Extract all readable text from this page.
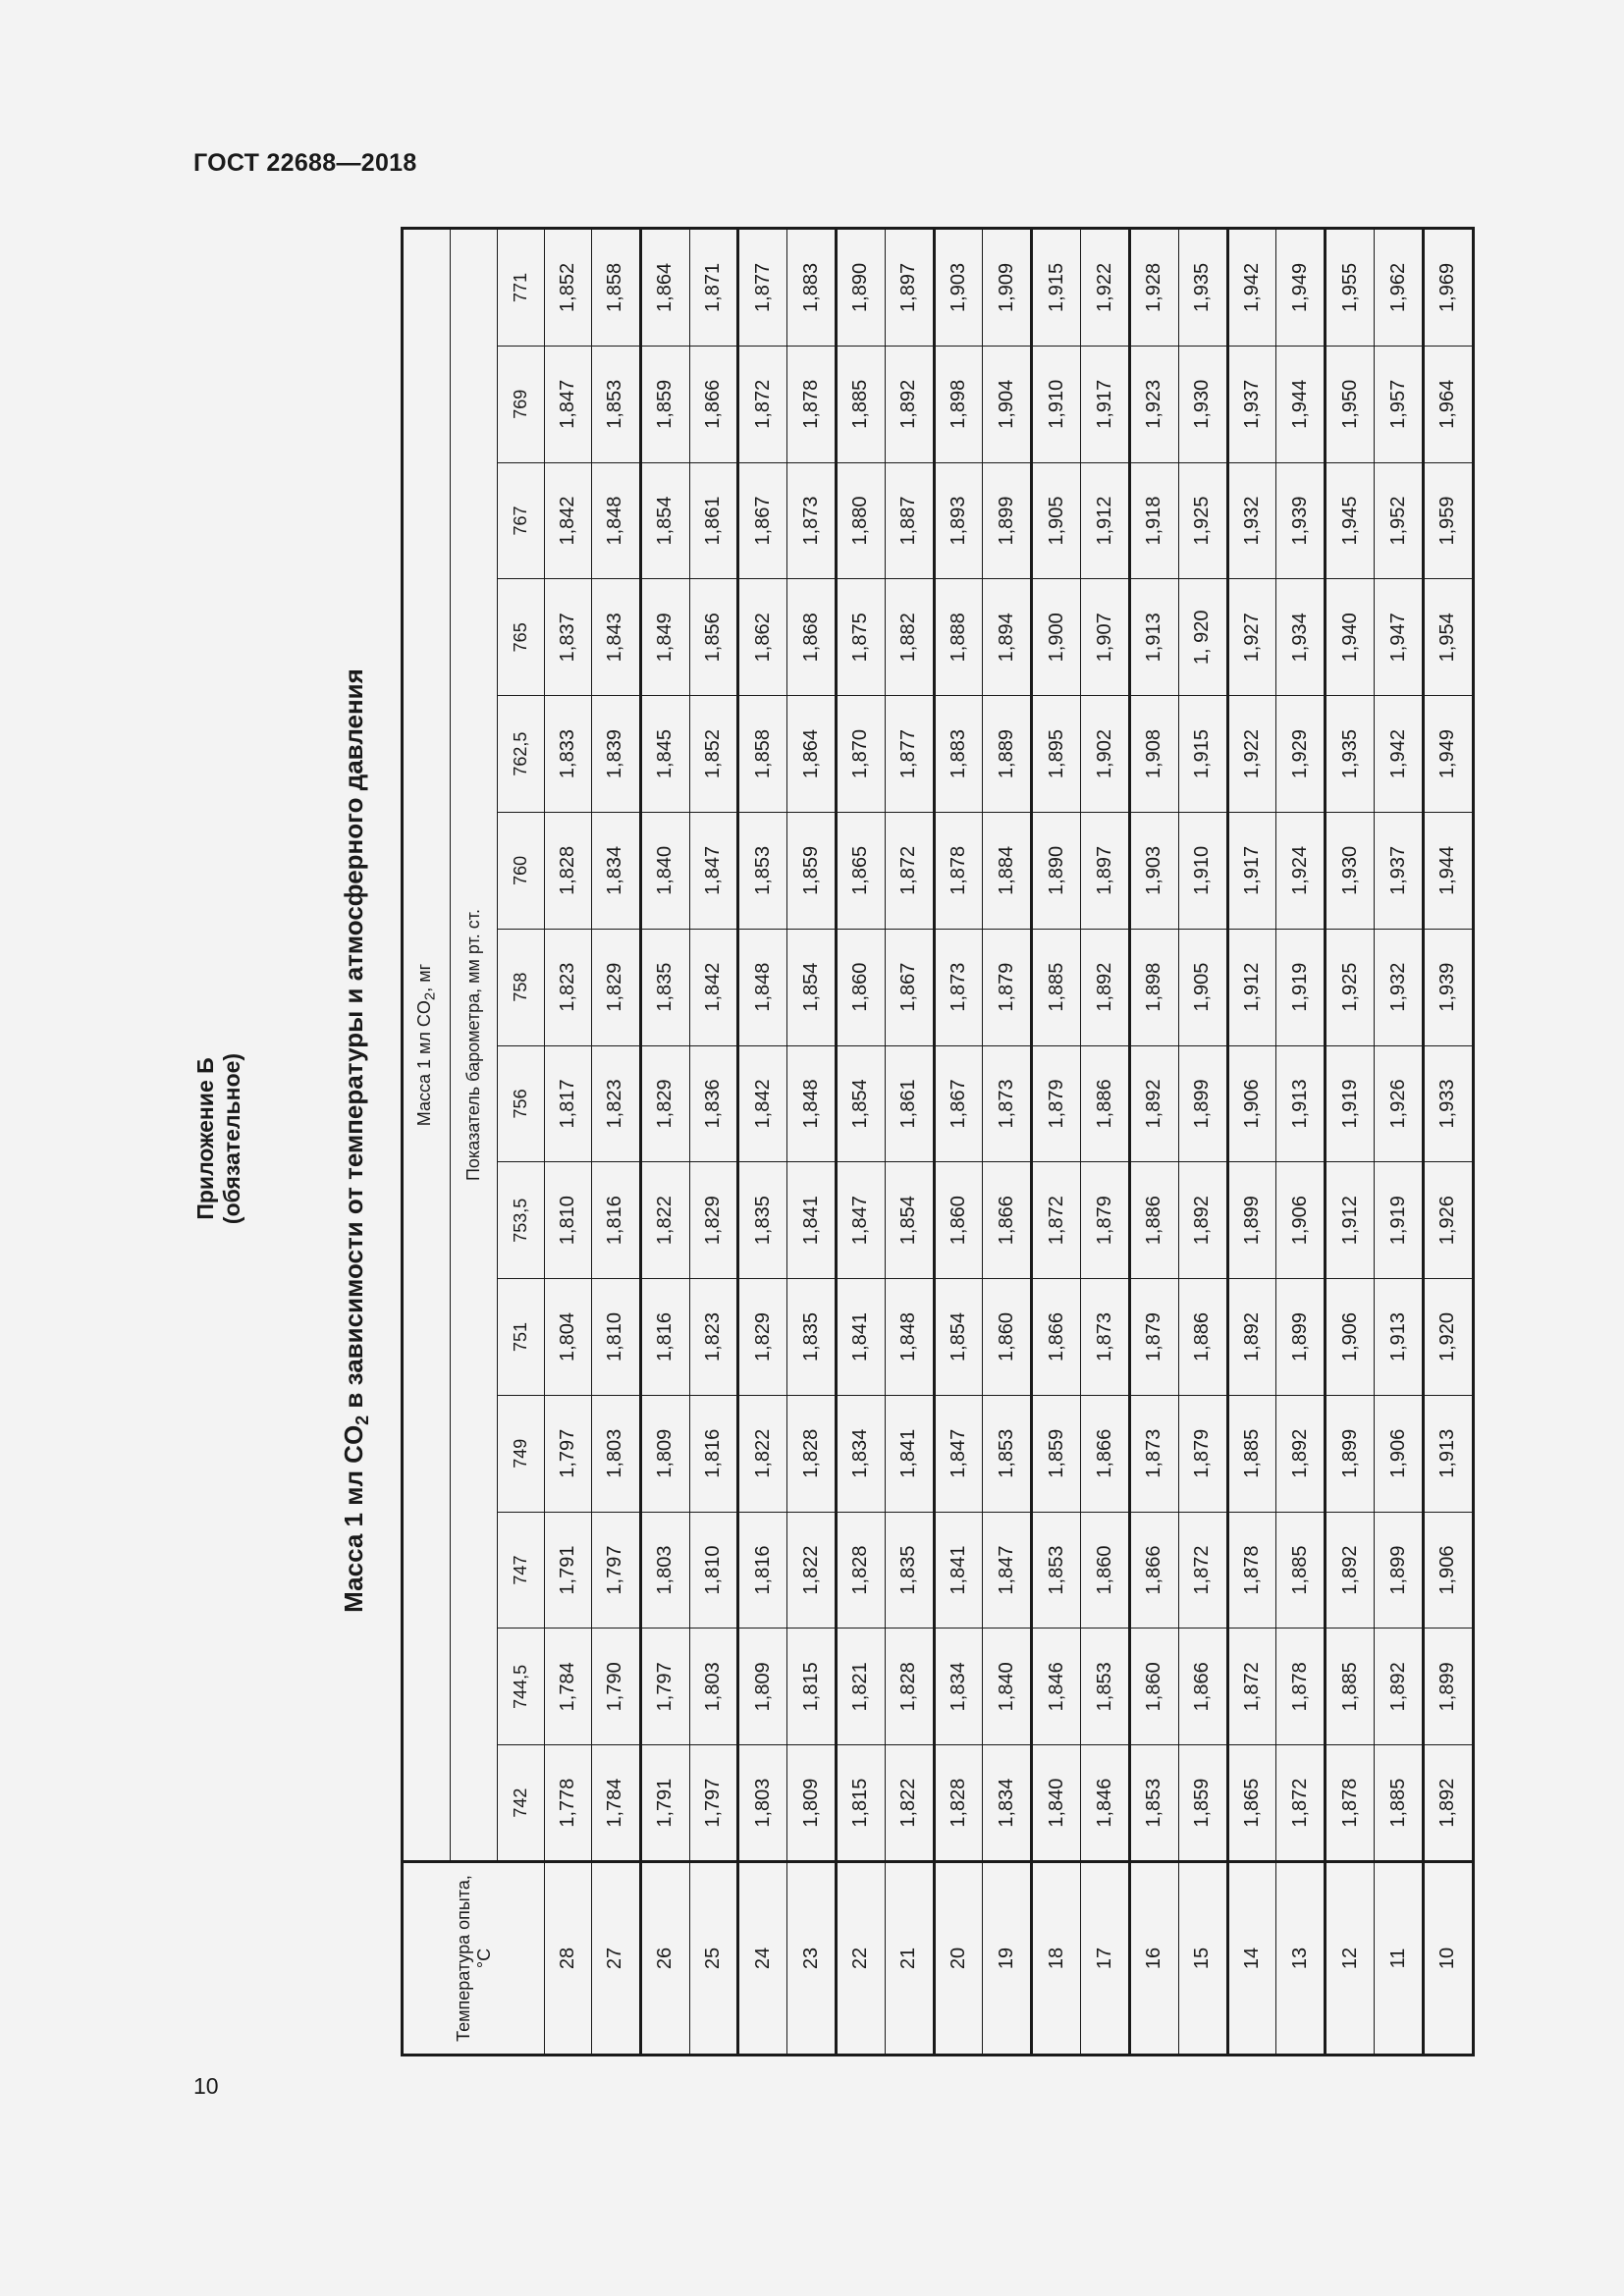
ГОСТ 22688—2018
Приложение Б (обязательное)
Масса 1 мл $CO_2$ в зависимости от температуры и атмосферного давления
Температура опыта, °С	Масса 1 мл $CO_2$, мг													
	Показатель барометра, мм рт. ст.													
	742	744,5	747	749	751	753,5	756	758	760	762,5	765	767	769	771
28	1,778	1,784	1,791	1,797	1,804	1,810	1,817	1,823	1,828	1,833	1,837	1,842	1,847	1,852
27	1,784	1,790	1,797	1,803	1,810	1,816	1,823	1,829	1,834	1,839	1,843	1,848	1,853	1,858
26	1,791	1,797	1,803	1,809	1,816	1,822	1,829	1,835	1,840	1,845	1,849	1,854	1,859	1,864
25	1,797	1,803	1,810	1,816	1,823	1,829	1,836	1,842	1,847	1,852	1,856	1,861	1,866	1,871
24	1,803	1,809	1,816	1,822	1,829	1,835	1,842	1,848	1,853	1,858	1,862	1,867	1,872	1,877
23	1,809	1,815	1,822	1,828	1,835	1,841	1,848	1,854	1,859	1,864	1,868	1,873	1,878	1,883
22	1,815	1,821	1,828	1,834	1,841	1,847	1,854	1,860	1,865	1,870	1,875	1,880	1,885	1,890
21	1,822	1,828	1,835	1,841	1,848	1,854	1,861	1,867	1,872	1,877	1,882	1,887	1,892	1,897
20	1,828	1,834	1,841	1,847	1,854	1,860	1,867	1,873	1,878	1,883	1,888	1,893	1,898	1,903
19	1,834	1,840	1,847	1,853	1,860	1,866	1,873	1,879	1,884	1,889	1,894	1,899	1,904	1,909
18	1,840	1,846	1,853	1,859	1,866	1,872	1,879	1,885	1,890	1,895	1,900	1,905	1,910	1,915
17	1,846	1,853	1,860	1,866	1,873	1,879	1,886	1,892	1,897	1,902	1,907	1,912	1,917	1,922
16	1,853	1,860	1,866	1,873	1,879	1,886	1,892	1,898	1,903	1,908	1,913	1,918	1,923	1,928
15	1,859	1,866	1,872	1,879	1,886	1,892	1,899	1,905	1,910	1,915	1, 920	1,925	1,930	1,935
14	1,865	1,872	1,878	1,885	1,892	1,899	1,906	1,912	1,917	1,922	1,927	1,932	1,937	1,942
13	1,872	1,878	1,885	1,892	1,899	1,906	1,913	1,919	1,924	1,929	1,934	1,939	1,944	1,949
12	1,878	1,885	1,892	1,899	1,906	1,912	1,919	1,925	1,930	1,935	1,940	1,945	1,950	1,955
11	1,885	1,892	1,899	1,906	1,913	1,919	1,926	1,932	1,937	1,942	1,947	1,952	1,957	1,962
10	1,892	1,899	1,906	1,913	1,920	1,926	1,933	1,939	1,944	1,949	1,954	1,959	1,964	1,969
10
